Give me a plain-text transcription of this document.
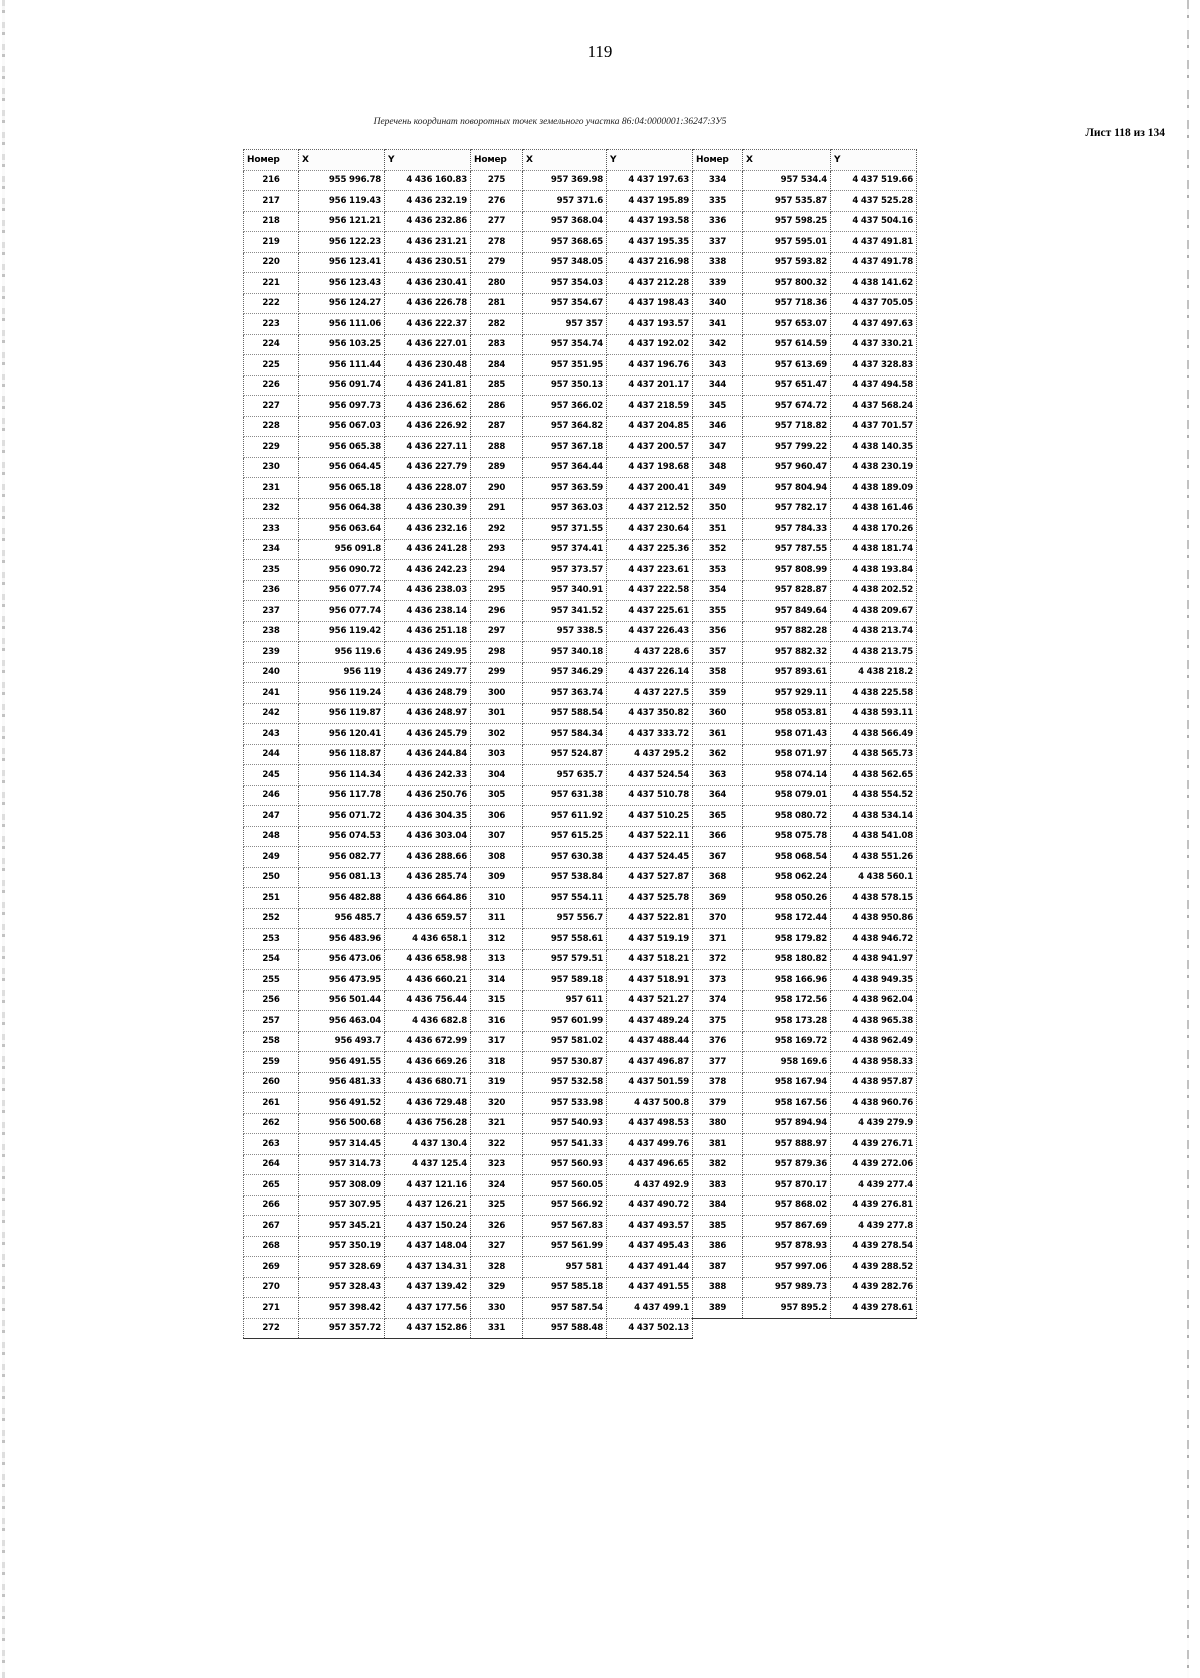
119
Перечень координат поворотных точек земельного участка 86:04:0000001:36247:3У5
Лист 118 из 134
Номер	X	Y	Номер	X	Y	Номер	X	Y
216	955 996.78	4 436 160.83	275	957 369.98	4 437 197.63	334	957 534.4	4 437 519.66
217	956 119.43	4 436 232.19	276	957 371.6	4 437 195.89	335	957 535.87	4 437 525.28
218	956 121.21	4 436 232.86	277	957 368.04	4 437 193.58	336	957 598.25	4 437 504.16
219	956 122.23	4 436 231.21	278	957 368.65	4 437 195.35	337	957 595.01	4 437 491.81
220	956 123.41	4 436 230.51	279	957 348.05	4 437 216.98	338	957 593.82	4 437 491.78
221	956 123.43	4 436 230.41	280	957 354.03	4 437 212.28	339	957 800.32	4 438 141.62
222	956 124.27	4 436 226.78	281	957 354.67	4 437 198.43	340	957 718.36	4 437 705.05
223	956 111.06	4 436 222.37	282	957 357	4 437 193.57	341	957 653.07	4 437 497.63
224	956 103.25	4 436 227.01	283	957 354.74	4 437 192.02	342	957 614.59	4 437 330.21
225	956 111.44	4 436 230.48	284	957 351.95	4 437 196.76	343	957 613.69	4 437 328.83
226	956 091.74	4 436 241.81	285	957 350.13	4 437 201.17	344	957 651.47	4 437 494.58
227	956 097.73	4 436 236.62	286	957 366.02	4 437 218.59	345	957 674.72	4 437 568.24
228	956 067.03	4 436 226.92	287	957 364.82	4 437 204.85	346	957 718.82	4 437 701.57
229	956 065.38	4 436 227.11	288	957 367.18	4 437 200.57	347	957 799.22	4 438 140.35
230	956 064.45	4 436 227.79	289	957 364.44	4 437 198.68	348	957 960.47	4 438 230.19
231	956 065.18	4 436 228.07	290	957 363.59	4 437 200.41	349	957 804.94	4 438 189.09
232	956 064.38	4 436 230.39	291	957 363.03	4 437 212.52	350	957 782.17	4 438 161.46
233	956 063.64	4 436 232.16	292	957 371.55	4 437 230.64	351	957 784.33	4 438 170.26
234	956 091.8	4 436 241.28	293	957 374.41	4 437 225.36	352	957 787.55	4 438 181.74
235	956 090.72	4 436 242.23	294	957 373.57	4 437 223.61	353	957 808.99	4 438 193.84
236	956 077.74	4 436 238.03	295	957 340.91	4 437 222.58	354	957 828.87	4 438 202.52
237	956 077.74	4 436 238.14	296	957 341.52	4 437 225.61	355	957 849.64	4 438 209.67
238	956 119.42	4 436 251.18	297	957 338.5	4 437 226.43	356	957 882.28	4 438 213.74
239	956 119.6	4 436 249.95	298	957 340.18	4 437 228.6	357	957 882.32	4 438 213.75
240	956 119	4 436 249.77	299	957 346.29	4 437 226.14	358	957 893.61	4 438 218.2
241	956 119.24	4 436 248.79	300	957 363.74	4 437 227.5	359	957 929.11	4 438 225.58
242	956 119.87	4 436 248.97	301	957 588.54	4 437 350.82	360	958 053.81	4 438 593.11
243	956 120.41	4 436 245.79	302	957 584.34	4 437 333.72	361	958 071.43	4 438 566.49
244	956 118.87	4 436 244.84	303	957 524.87	4 437 295.2	362	958 071.97	4 438 565.73
245	956 114.34	4 436 242.33	304	957 635.7	4 437 524.54	363	958 074.14	4 438 562.65
246	956 117.78	4 436 250.76	305	957 631.38	4 437 510.78	364	958 079.01	4 438 554.52
247	956 071.72	4 436 304.35	306	957 611.92	4 437 510.25	365	958 080.72	4 438 534.14
248	956 074.53	4 436 303.04	307	957 615.25	4 437 522.11	366	958 075.78	4 438 541.08
249	956 082.77	4 436 288.66	308	957 630.38	4 437 524.45	367	958 068.54	4 438 551.26
250	956 081.13	4 436 285.74	309	957 538.84	4 437 527.87	368	958 062.24	4 438 560.1
251	956 482.88	4 436 664.86	310	957 554.11	4 437 525.78	369	958 050.26	4 438 578.15
252	956 485.7	4 436 659.57	311	957 556.7	4 437 522.81	370	958 172.44	4 438 950.86
253	956 483.96	4 436 658.1	312	957 558.61	4 437 519.19	371	958 179.82	4 438 946.72
254	956 473.06	4 436 658.98	313	957 579.51	4 437 518.21	372	958 180.82	4 438 941.97
255	956 473.95	4 436 660.21	314	957 589.18	4 437 518.91	373	958 166.96	4 438 949.35
256	956 501.44	4 436 756.44	315	957 611	4 437 521.27	374	958 172.56	4 438 962.04
257	956 463.04	4 436 682.8	316	957 601.99	4 437 489.24	375	958 173.28	4 438 965.38
258	956 493.7	4 436 672.99	317	957 581.02	4 437 488.44	376	958 169.72	4 438 962.49
259	956 491.55	4 436 669.26	318	957 530.87	4 437 496.87	377	958 169.6	4 438 958.33
260	956 481.33	4 436 680.71	319	957 532.58	4 437 501.59	378	958 167.94	4 438 957.87
261	956 491.52	4 436 729.48	320	957 533.98	4 437 500.8	379	958 167.56	4 438 960.76
262	956 500.68	4 436 756.28	321	957 540.93	4 437 498.53	380	957 894.94	4 439 279.9
263	957 314.45	4 437 130.4	322	957 541.33	4 437 499.76	381	957 888.97	4 439 276.71
264	957 314.73	4 437 125.4	323	957 560.93	4 437 496.65	382	957 879.36	4 439 272.06
265	957 308.09	4 437 121.16	324	957 560.05	4 437 492.9	383	957 870.17	4 439 277.4
266	957 307.95	4 437 126.21	325	957 566.92	4 437 490.72	384	957 868.02	4 439 276.81
267	957 345.21	4 437 150.24	326	957 567.83	4 437 493.57	385	957 867.69	4 439 277.8
268	957 350.19	4 437 148.04	327	957 561.99	4 437 495.43	386	957 878.93	4 439 278.54
269	957 328.69	4 437 134.31	328	957 581	4 437 491.44	387	957 997.06	4 439 288.52
270	957 328.43	4 437 139.42	329	957 585.18	4 437 491.55	388	957 989.73	4 439 282.76
271	957 398.42	4 437 177.56	330	957 587.54	4 437 499.1	389	957 895.2	4 439 278.61
272	957 357.72	4 437 152.86	331	957 588.48	4 437 502.13			
